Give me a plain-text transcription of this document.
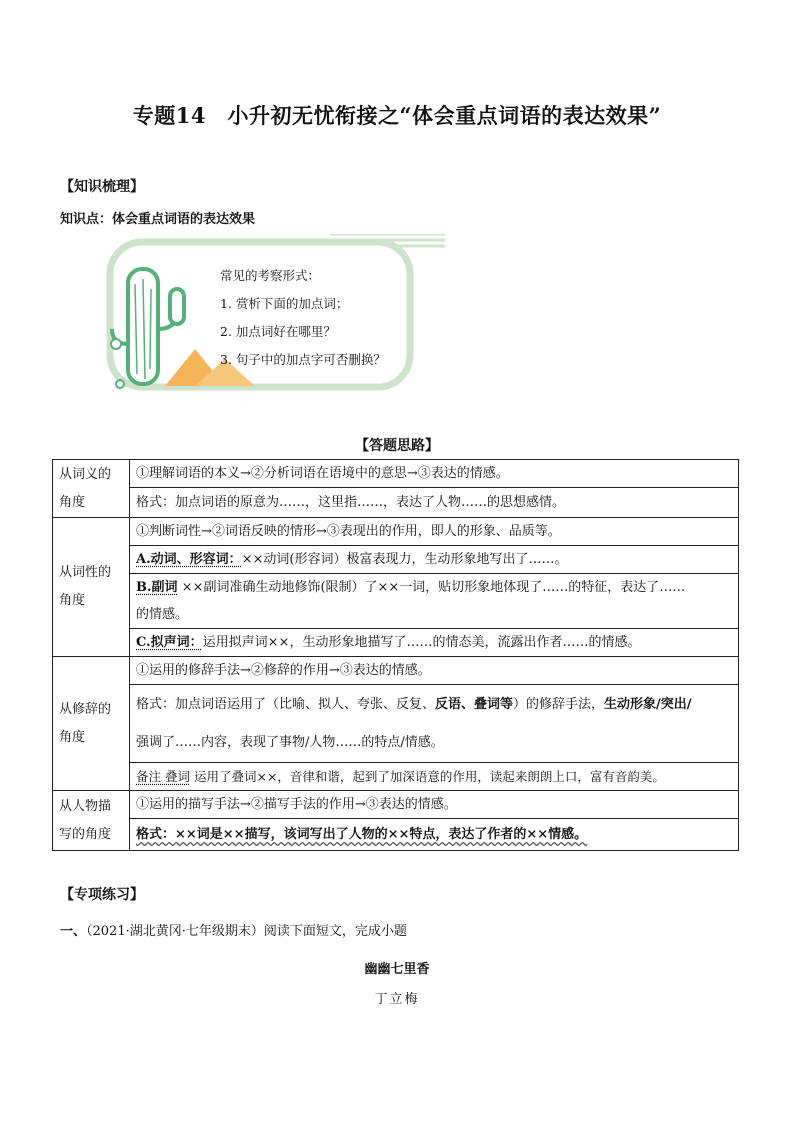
专题14　小升初无忧衔接之“体会重点词语的表达效果”
【知识梳理】
知识点：体会重点词语的表达效果
常见的考察形式：
1. 赏析下面的加点词；
2. 加点词好在哪里？
3. 句子中的加点字可否删换？
【答题思路】
从词义的角度	①理解词语的本义→②分析词语在语境中的意思→③表达的情感。
	格式：加点词语的原意为……，这里指……，表达了人物……的思想感情。
从词性的角度	①判断词性→②词语反映的情形→③表现出的作用，即人的形象、品质等。
	A.动词、形容词：××动词(形容词）极富表现力，生动形象地写出了……。
	B.副词 ××副词准确生动地修饰(限制）了××一词，贴切形象地体现了……的特征，表达了……
的情感。
	C.拟声词：运用拟声词××，生动形象地描写了……的情态美，流露出作者……的情感。
从修辞的角度	①运用的修辞手法→②修辞的作用→③表达的情感。
	格式：加点词语运用了（比喻、拟人、夸张、反复、反语、叠词等）的修辞手法，生动形象/突出/
强调了……内容，表现了事物/人物……的特点/情感。
	备注 叠词 运用了叠词××，音律和谐，起到了加深语意的作用，读起来朗朗上口，富有音韵美。
从人物描写的角度	①运用的描写手法→②描写手法的作用→③表达的情感。
	格式：××词是××描写，该词写出了人物的××特点，表达了作者的××情感。
【专项练习】
一、（2021·湖北黄冈·七年级期末）阅读下面短文，完成小题
幽幽七里香
丁立梅
